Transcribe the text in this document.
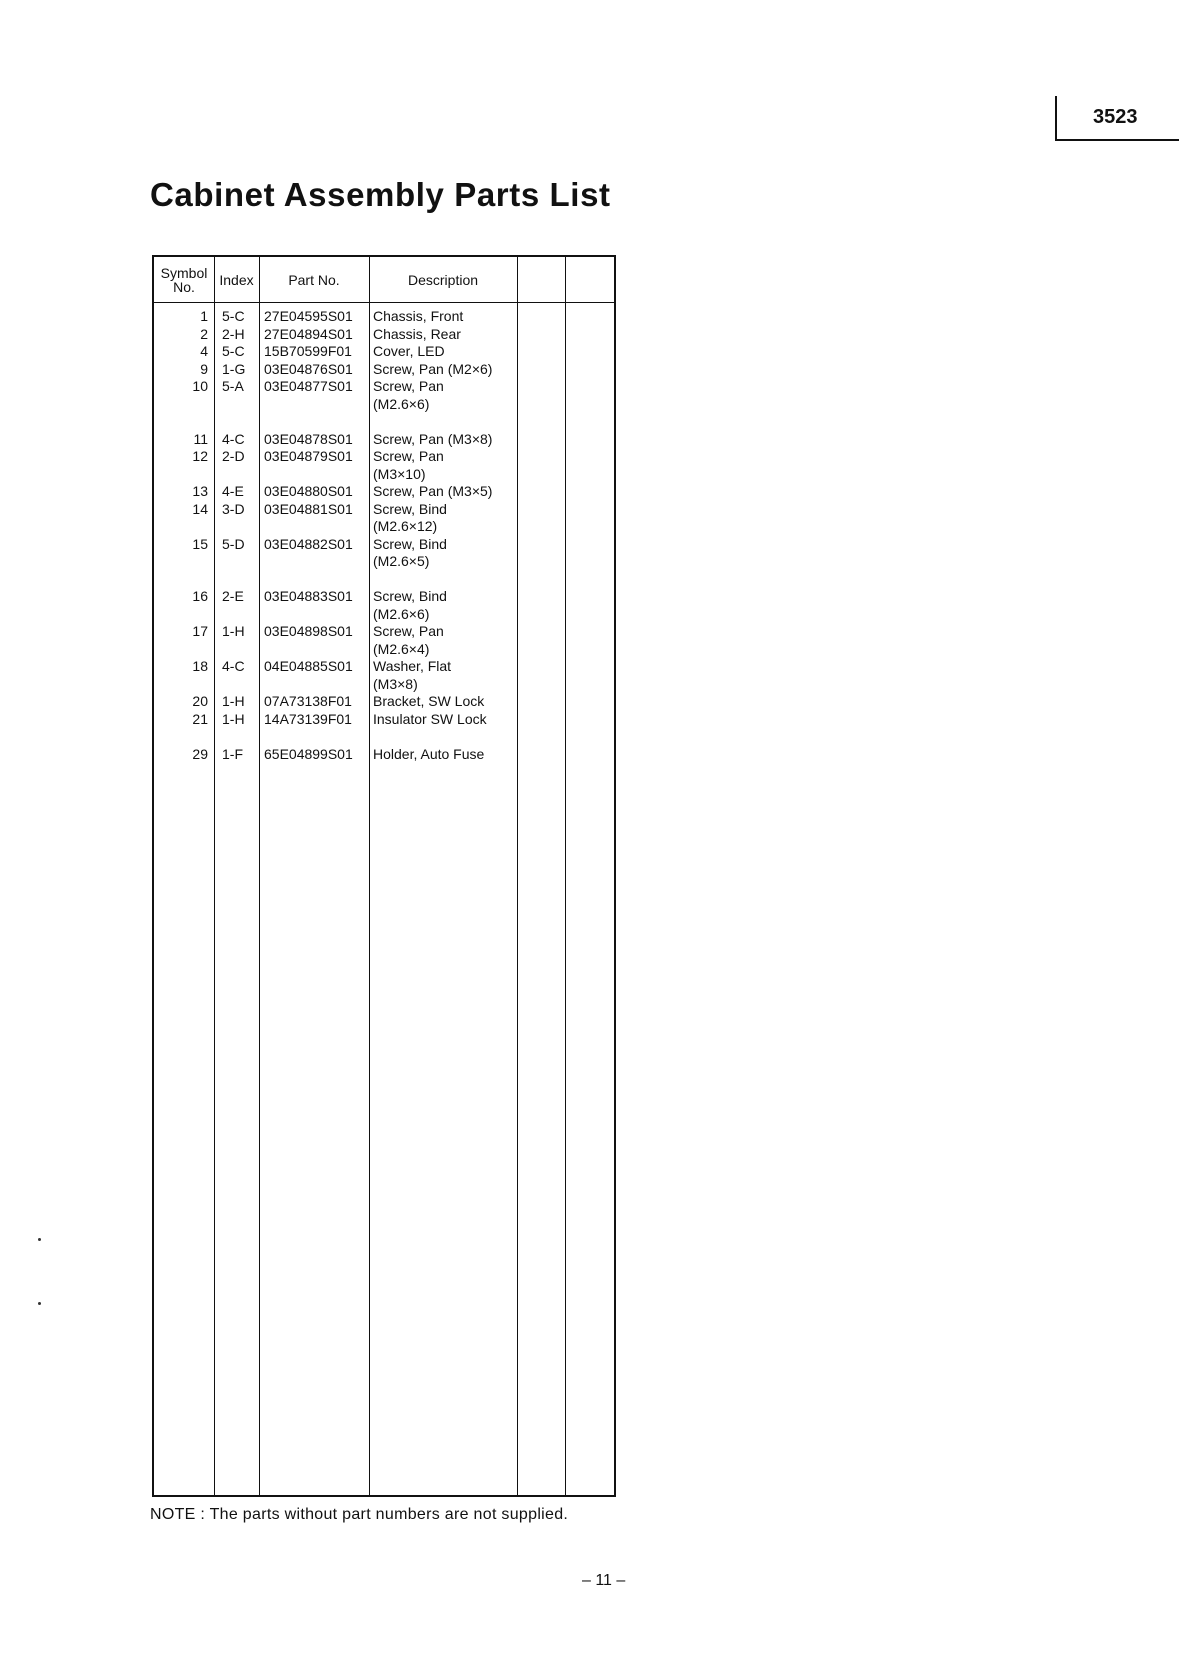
3523
Cabinet Assembly Parts List
Symbol
No.	Index Part No.	Description
1 5-C	27E04595S01	Chassis, Front
2 2-H	27E04894S01	Chassis, Rear
4 5-C	15B70599F01	Cover, LED
9 1-G	03E04876S01	Screw, Pan (M2×6)
10 5-A	03E04877S01	Screw, Pan
(M2.6×6)
11 4-C	03E04878S01	Screw, Pan (M3×8)
12 2-D	03E04879S01	Screw, Pan
(M3×10)
13 4-E	03E04880S01	Screw, Pan (M3×5)
14 3-D	03E04881S01	Screw, Bind
(M2.6×12)
15 5-D	03E04882S01	Screw, Bind
(M2.6×5)
16 2-E	03E04883S01	Screw, Bind
(M2.6×6)
17 1-H	03E04898S01	Screw, Pan
(M2.6×4)
18 4-C	04E04885S01	Washer, Flat
(M3×8)
20 1-H	07A73138F01	Bracket, SW Lock
21 1-H	14A73139F01	Insulator SW Lock
29 1-F	65E04899S01	Holder, Auto Fuse
NOTE : The parts without part numbers are not supplied.
– 11 –
